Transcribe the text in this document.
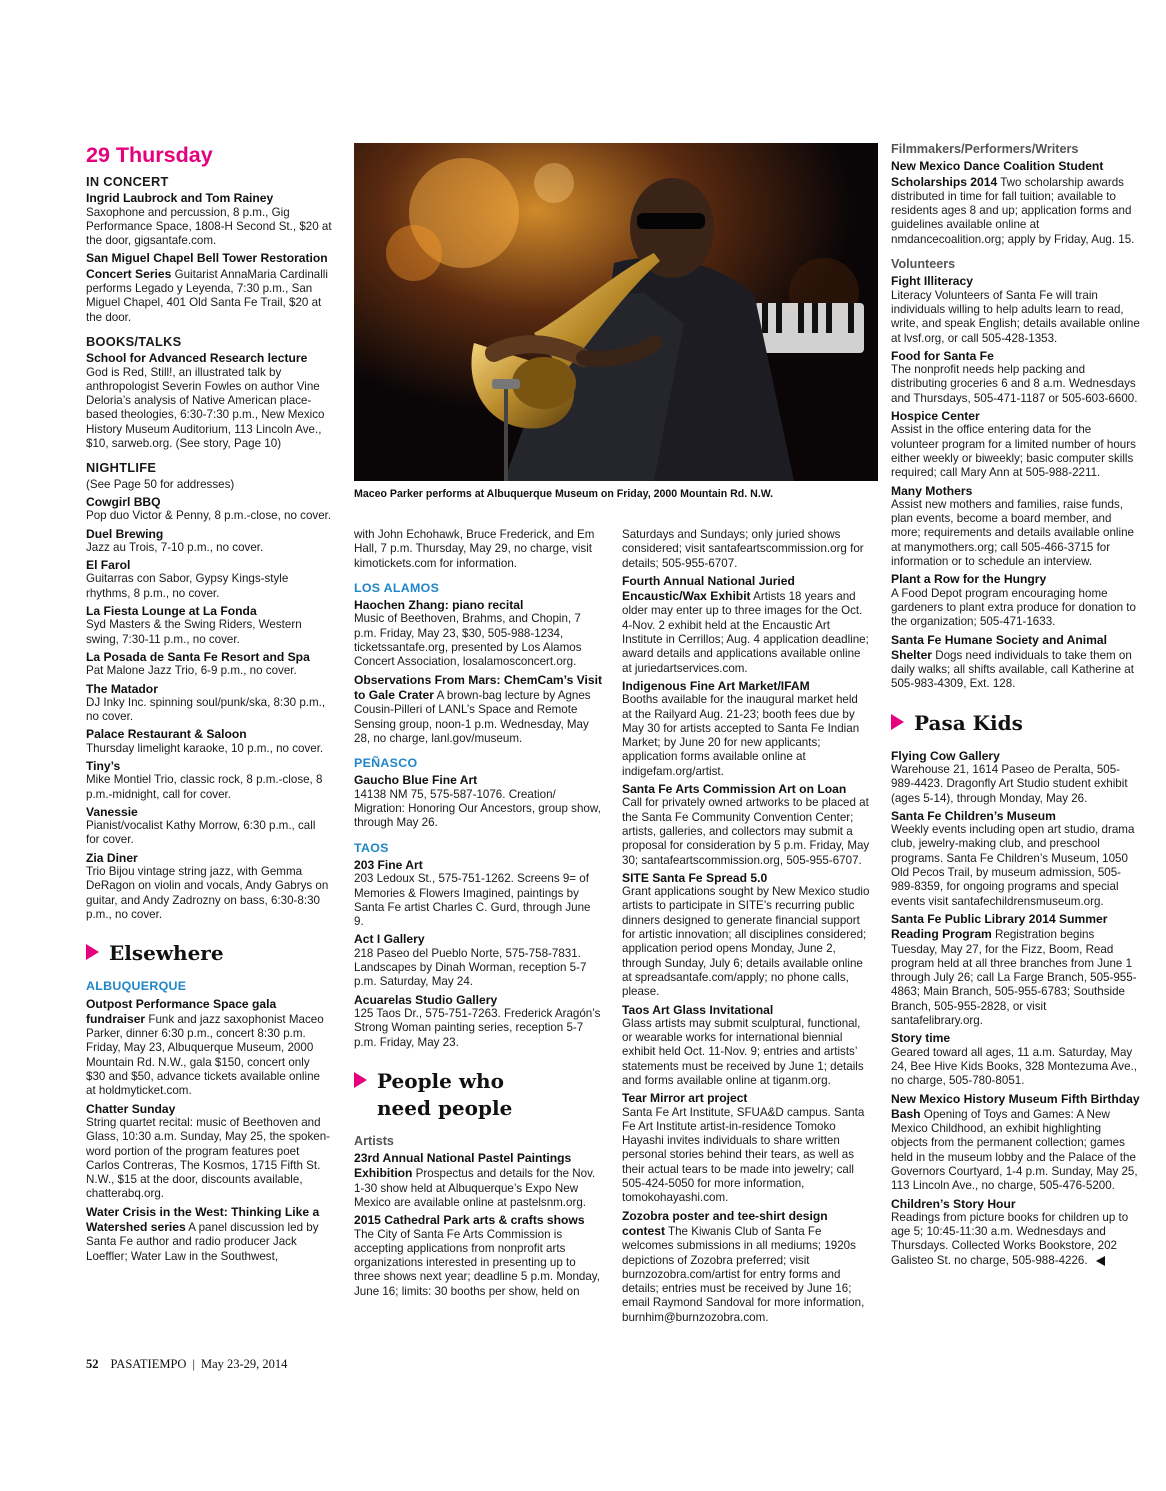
29 Thursday
IN CONCERT
Ingrid Laubrock and Tom Rainey
Saxophone and percussion, 8 p.m., Gig Performance Space, 1808-H Second St., $20 at the door, gigsantafe.com.
San Miguel Chapel Bell Tower Restoration Concert Series Guitarist AnnaMaria Cardinalli performs Legado y Leyenda, 7:30 p.m., San Miguel Chapel, 401 Old Santa Fe Trail, $20 at the door.
BOOKS/TALKS
School for Advanced Research lecture
God is Red, Still!, an illustrated talk by anthropologist Severin Fowles on author Vine Deloria’s analysis of Native American place-based theologies, 6:30-7:30 p.m., New Mexico History Museum Auditorium, 113 Lincoln Ave., $10, sarweb.org. (See story, Page 10)
NIGHTLIFE
(See Page 50 for addresses)
Cowgirl BBQ
Pop duo Victor & Penny, 8 p.m.-close, no cover.
Duel Brewing
Jazz au Trois, 7-10 p.m., no cover.
El Farol
Guitarras con Sabor, Gypsy Kings-style rhythms, 8 p.m., no cover.
La Fiesta Lounge at La Fonda
Syd Masters & the Swing Riders, Western swing, 7:30-11 p.m., no cover.
La Posada de Santa Fe Resort and Spa
Pat Malone Jazz Trio, 6-9 p.m., no cover.
The Matador
DJ Inky Inc. spinning soul/punk/ska, 8:30 p.m., no cover.
Palace Restaurant & Saloon
Thursday limelight karaoke, 10 p.m., no cover.
Tiny’s
Mike Montiel Trio, classic rock, 8 p.m.-close, 8 p.m.-midnight, call for cover.
Vanessie
Pianist/vocalist Kathy Morrow, 6:30 p.m., call for cover.
Zia Diner
Trio Bijou vintage string jazz, with Gemma DeRagon on violin and vocals, Andy Gabrys on guitar, and Andy Zadrozny on bass, 6:30-8:30 p.m., no cover.
Elsewhere
ALBUQUERQUE
Outpost Performance Space gala fundraiser Funk and jazz saxophonist Maceo Parker, dinner 6:30 p.m., concert 8:30 p.m. Friday, May 23, Albuquerque Museum, 2000 Mountain Rd. N.W., gala $150, concert only $30 and $50, advance tickets available online at holdmyticket.com.
Chatter Sunday
String quartet recital: music of Beethoven and Glass, 10:30 a.m. Sunday, May 25, the spoken-word portion of the program features poet Carlos Contreras, The Kosmos, 1715 Fifth St. N.W., $15 at the door, discounts available, chatterabq.org.
Water Crisis in the West: Thinking Like a Watershed series A panel discussion led by Santa Fe author and radio producer Jack Loeffler; Water Law in the Southwest,
Maceo Parker performs at Albuquerque Museum on Friday, 2000 Mountain Rd. N.W.
with John Echohawk, Bruce Frederick, and Em Hall, 7 p.m. Thursday, May 29, no charge, visit kimotickets.com for information.
LOS ALAMOS
Haochen Zhang: piano recital
Music of Beethoven, Brahms, and Chopin, 7 p.m. Friday, May 23, $30, 505-988-1234, ticketssantafe.org, presented by Los Alamos Concert Association, losalamosconcert.org.
Observations From Mars: ChemCam’s Visit to Gale Crater A brown-bag lecture by Agnes Cousin-Pilleri of LANL’s Space and Remote Sensing group, noon-1 p.m. Wednesday, May 28, no charge, lanl.gov/museum.
PEÑASCO
Gaucho Blue Fine Art
14138 NM 75, 575-587-1076. Creation/ Migration: Honoring Our Ancestors, group show, through May 26.
TAOS
203 Fine Art
203 Ledoux St., 575-751-1262. Screens 9= of Memories & Flowers Imagined, paintings by Santa Fe artist Charles C. Gurd, through June 9.
Act I Gallery
218 Paseo del Pueblo Norte, 575-758-7831. Landscapes by Dinah Worman, reception 5-7 p.m. Saturday, May 24.
Acuarelas Studio Gallery
125 Taos Dr., 575-751-7263. Frederick Aragón’s Strong Woman painting series, reception 5-7 p.m. Friday, May 23.
People who need people
Artists
23rd Annual National Pastel Paintings Exhibition Prospectus and details for the Nov. 1-30 show held at Albuquerque’s Expo New Mexico are available online at pastelsnm.org.
2015 Cathedral Park arts & crafts shows
The City of Santa Fe Arts Commission is accepting applications from nonprofit arts organizations interested in presenting up to three shows next year; deadline 5 p.m. Monday, June 16; limits: 30 booths per show, held on
Saturdays and Sundays; only juried shows considered; visit santafeartscommission.org for details; 505-955-6707.
Fourth Annual National Juried Encaustic/Wax Exhibit Artists 18 years and older may enter up to three images for the Oct. 4-Nov. 2 exhibit held at the Encaustic Art Institute in Cerrillos; Aug. 4 application deadline; award details and applications available online at juriedartservices.com.
Indigenous Fine Art Market/IFAM
Booths available for the inaugural market held at the Railyard Aug. 21-23; booth fees due by May 30 for artists accepted to Santa Fe Indian Market; by June 20 for new applicants; application forms available online at indigefam.org/artist.
Santa Fe Arts Commission Art on Loan
Call for privately owned artworks to be placed at the Santa Fe Community Convention Center; artists, galleries, and collectors may submit a proposal for consideration by 5 p.m. Friday, May 30; santafeartscommission.org, 505-955-6707.
SITE Santa Fe Spread 5.0
Grant applications sought by New Mexico studio artists to participate in SITE’s recurring public dinners designed to generate financial support for artistic innovation; all disciplines considered; application period opens Monday, June 2, through Sunday, July 6; details available online at spreadsantafe.com/apply; no phone calls, please.
Taos Art Glass Invitational
Glass artists may submit sculptural, functional, or wearable works for international biennial exhibit held Oct. 11-Nov. 9; entries and artists’ statements must be received by June 1; details and forms available online at tiganm.org.
Tear Mirror art project
Santa Fe Art Institute, SFUA&D campus. Santa Fe Art Institute artist-in-residence Tomoko Hayashi invites individuals to share written personal stories behind their tears, as well as their actual tears to be made into jewelry; call 505-424-5050 for more information, tomokohayashi.com.
Zozobra poster and tee-shirt design contest The Kiwanis Club of Santa Fe welcomes submissions in all mediums; 1920s depictions of Zozobra preferred; visit burnzozobra.com/artist for entry forms and details; entries must be received by June 16; email Raymond Sandoval for more information, burnhim@burnzozobra.com.
Filmmakers/Performers/Writers
New Mexico Dance Coalition Student Scholarships 2014 Two scholarship awards distributed in time for fall tuition; available to residents ages 8 and up; application forms and guidelines available online at nmdancecoalition.org; apply by Friday, Aug. 15.
Volunteers
Fight Illiteracy
Literacy Volunteers of Santa Fe will train individuals willing to help adults learn to read, write, and speak English; details available online at lvsf.org, or call 505-428-1353.
Food for Santa Fe
The nonprofit needs help packing and distributing groceries 6 and 8 a.m. Wednesdays and Thursdays, 505-471-1187 or 505-603-6600.
Hospice Center
Assist in the office entering data for the volunteer program for a limited number of hours either weekly or biweekly; basic computer skills required; call Mary Ann at 505-988-2211.
Many Mothers
Assist new mothers and families, raise funds, plan events, become a board member, and more; requirements and details available online at manymothers.org; call 505-466-3715 for information or to schedule an interview.
Plant a Row for the Hungry
A Food Depot program encouraging home gardeners to plant extra produce for donation to the organization; 505-471-1633.
Santa Fe Humane Society and Animal Shelter Dogs need individuals to take them on daily walks; all shifts available, call Katherine at 505-983-4309, Ext. 128.
Pasa Kids
Flying Cow Gallery
Warehouse 21, 1614 Paseo de Peralta, 505-989-4423. Dragonfly Art Studio student exhibit (ages 5-14), through Monday, May 26.
Santa Fe Children’s Museum
Weekly events including open art studio, drama club, jewelry-making club, and preschool programs. Santa Fe Children’s Museum, 1050 Old Pecos Trail, by museum admission, 505-989-8359, for ongoing programs and special events visit santafechildrensmuseum.org.
Santa Fe Public Library 2014 Summer Reading Program Registration begins Tuesday, May 27, for the Fizz, Boom, Read program held at all three branches from June 1 through July 26; call La Farge Branch, 505-955-4863; Main Branch, 505-955-6783; Southside Branch, 505-955-2828, or visit santafelibrary.org.
Story time
Geared toward all ages, 11 a.m. Saturday, May 24, Bee Hive Kids Books, 328 Montezuma Ave., no charge, 505-780-8051.
New Mexico History Museum Fifth Birthday Bash Opening of Toys and Games: A New Mexico Childhood, an exhibit highlighting objects from the permanent collection; games held in the museum lobby and the Palace of the Governors Courtyard, 1-4 p.m. Sunday, May 25, 113 Lincoln Ave., no charge, 505-476-5200.
Children’s Story Hour
Readings from picture books for children up to age 5; 10:45-11:30 a.m. Wednesdays and Thursdays. Collected Works Bookstore, 202 Galisteo St. no charge, 505-988-4226.
52 PASATIEMPO | May 23-29, 2014
